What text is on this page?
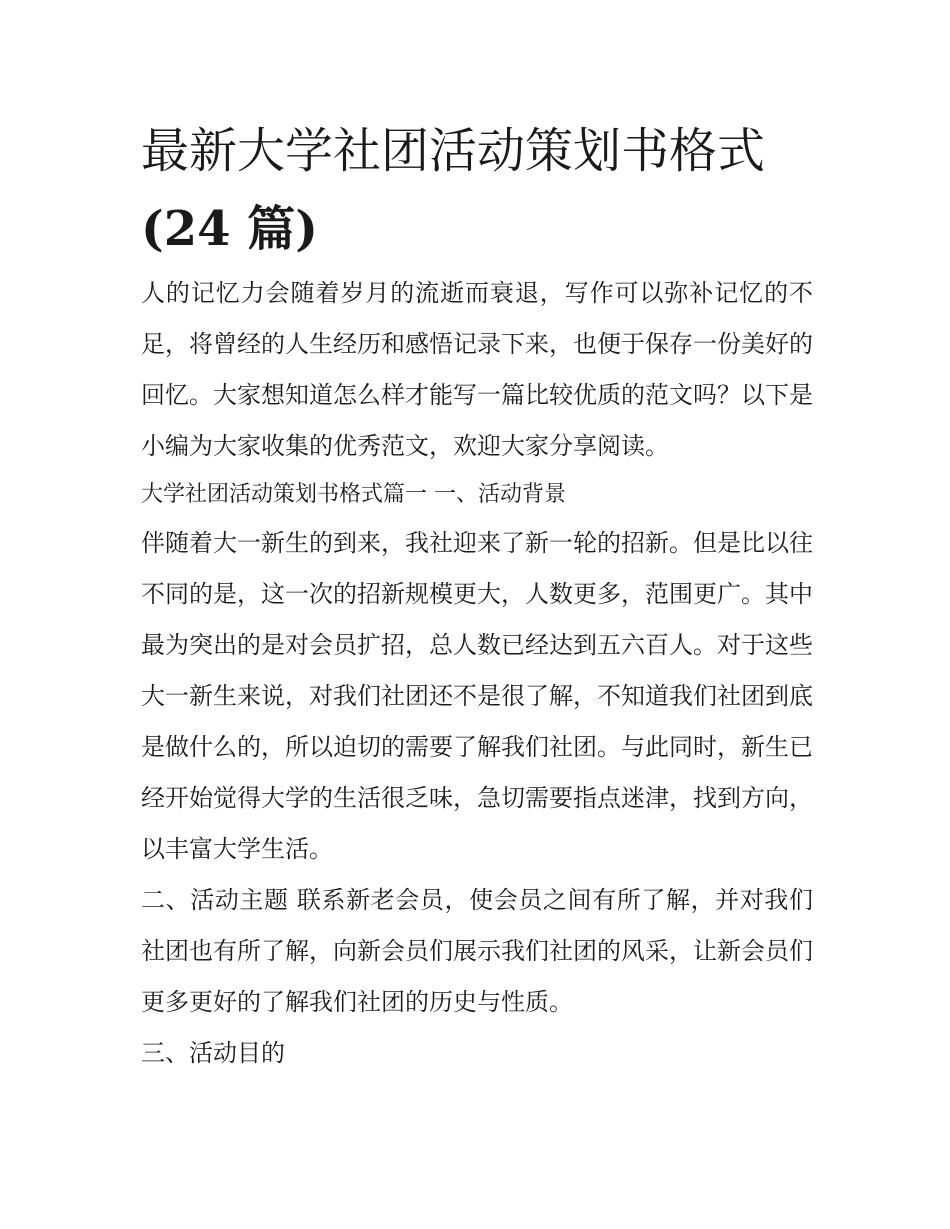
最新大学社团活动策划书格式
(24 篇)

人的记忆力会随着岁月的流逝而衰退，写作可以弥补记忆的不足，将曾经的人生经历和感悟记录下来，也便于保存一份美好的回忆。大家想知道怎么样才能写一篇比较优质的范文吗？以下是小编为大家收集的优秀范文，欢迎大家分享阅读。

大学社团活动策划书格式篇一 一、活动背景

伴随着大一新生的到来，我社迎来了新一轮的招新。但是比以往不同的是，这一次的招新规模更大，人数更多，范围更广。其中最为突出的是对会员扩招，总人数已经达到五六百人。对于这些大一新生来说，对我们社团还不是很了解，不知道我们社团到底是做什么的，所以迫切的需要了解我们社团。与此同时，新生已经开始觉得大学的生活很乏味，急切需要指点迷津，找到方向，以丰富大学生活。

二、活动主题 联系新老会员，使会员之间有所了解，并对我们社团也有所了解，向新会员们展示我们社团的风采，让新会员们更多更好的了解我们社团的历史与性质。

三、活动目的
